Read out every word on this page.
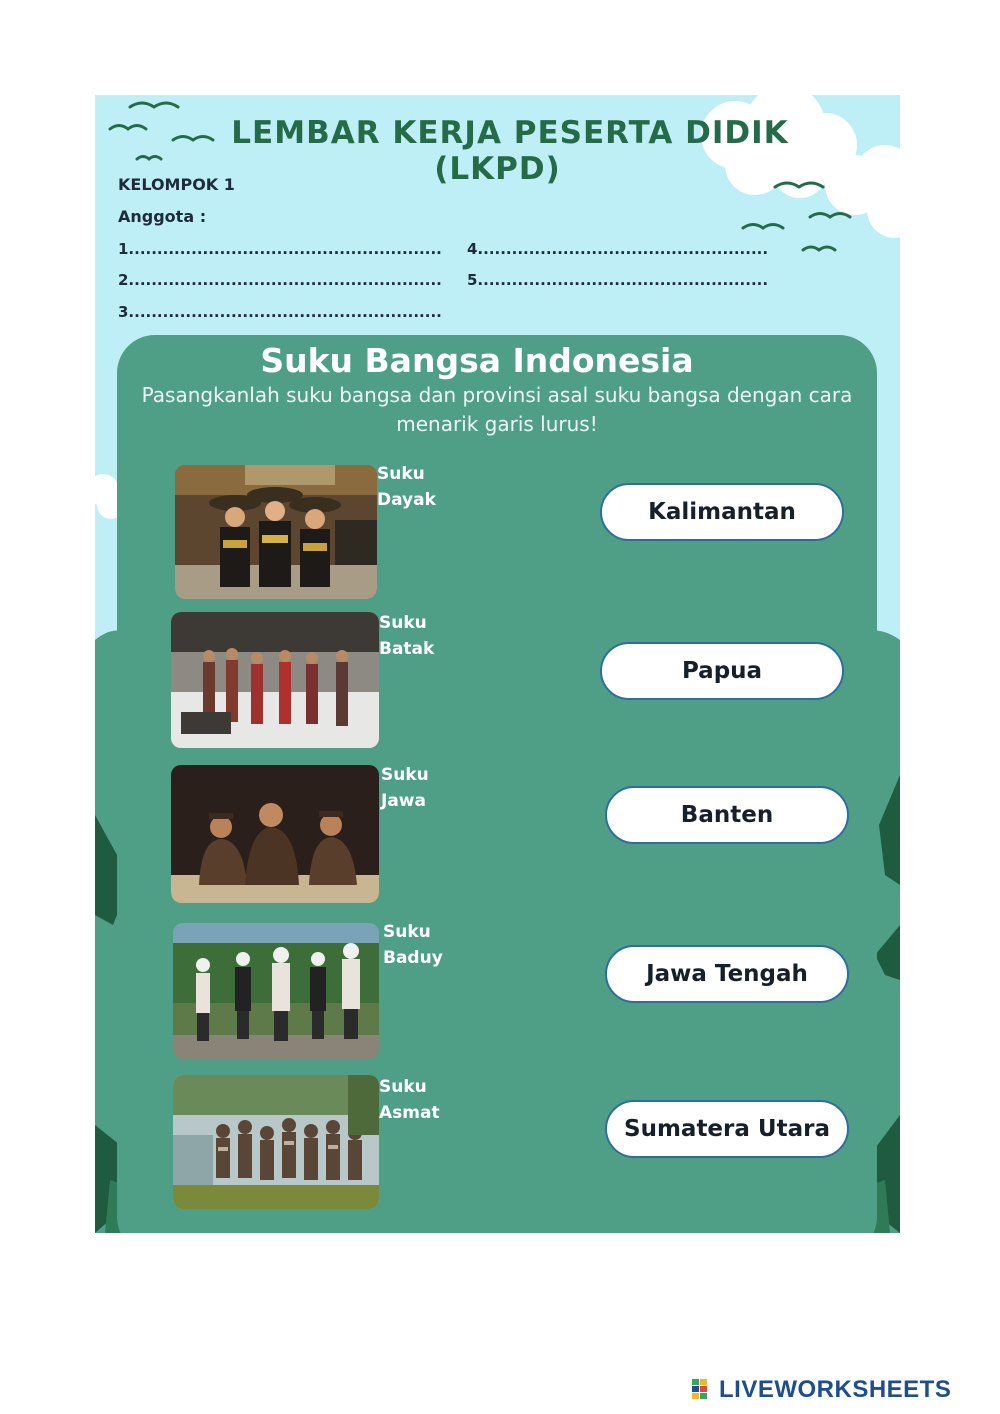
LEMBAR KERJA PESERTA DIDIK
(LKPD)
KELOMPOK 1
Anggota :
1.......................................................
2.......................................................
3.......................................................
4...................................................
5...................................................
Suku Bangsa Indonesia
Pasangkanlah suku bangsa dan provinsi asal suku bangsa dengan cara menarik garis lurus!
Suku
Dayak
Suku
Batak
Suku
Jawa
Suku
Baduy
Suku
Asmat
Kalimantan
Papua
Banten
Jawa Tengah
Sumatera Utara
LIVEWORKSHEETS
